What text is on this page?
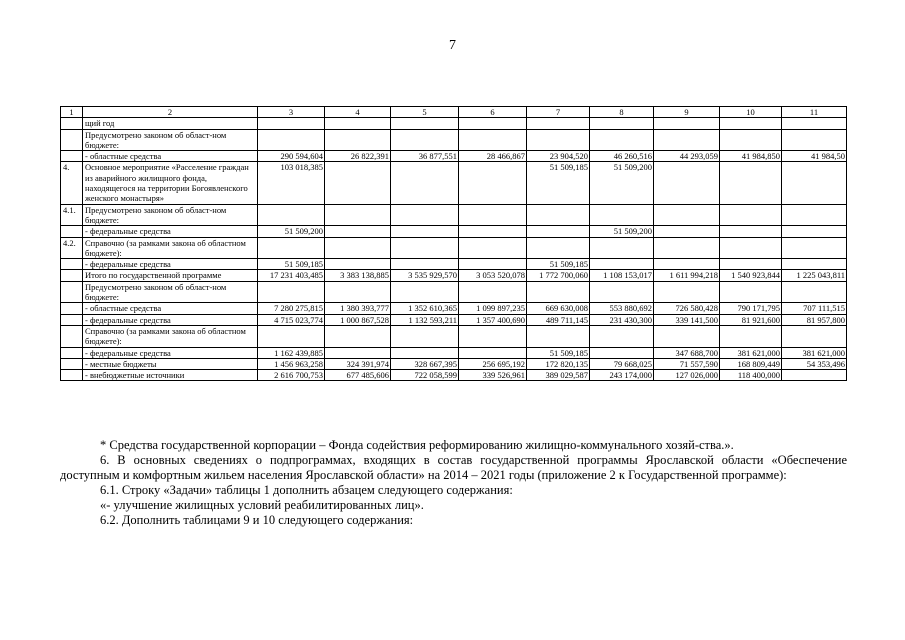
7
1	2	3	4	5	6	7	8	9	10	11
	щий год									
	Предусмотрено законом об област-ном бюджете:									
	- областные средства	290 594,604	26 822,391	36 877,551	28 466,867	23 904,520	46 260,516	44 293,059	41 984,850	41 984,50
4.	Основное мероприятие «Расселение граждан из аварийного жилищного фонда, находящегося на территории Богоявленского женского монастыря»	103 018,385				51 509,185	51 509,200			
4.1.	Предусмотрено законом об област-ном бюджете:									
	- федеральные средства	51 509,200					51 509,200			
4.2.	Справочно (за рамками закона об областном бюджете):									
	- федеральные средства	51 509,185				51 509,185				
	Итого по государственной программе	17 231 403,485	3 383 138,885	3 535 929,570	3 053 520,078	1 772 700,060	1 108 153,017	1 611 994,218	1 540 923,844	1 225 043,811
	Предусмотрено законом об област-ном бюджете:									
	- областные средства	7 280 275,815	1 380 393,777	1 352 610,365	1 099 897,235	669 630,008	553 880,692	726 580,428	790 171,795	707 111,515
	- федеральные средства	4 715 023,774	1 000 867,528	1 132 593,211	1 357 400,690	489 711,145	231 430,300	339 141,500	81 921,600	81 957,800
	Справочно (за рамками закона об областном бюджете):									
	- федеральные средства	1 162 439,885				51 509,185		347 688,700	381 621,000	381 621,000
	- местные бюджеты	1 456 963,258	324 391,974	328 667,395	256 695,192	172 820,135	79 668,025	71 557,590	168 809,449	54 353,496
	- внебюджетные источники	2 616 700,753	677 485,606	722 058,599	339 526,961	389 029,587	243 174,000	127 026,000	118 400,000	

* Средства государственной корпорации – Фонда содействия реформированию жилищно-коммунального хозяй-ства.».

6. В основных сведениях о подпрограммах, входящих в состав государственной программы Ярославской области «Обеспечение доступным и комфортным жильем населения Ярославской области» на 2014 – 2021 годы (приложение 2 к Государственной программе):

6.1. Строку «Задачи» таблицы 1 дополнить абзацем следующего содержания:

«- улучшение жилищных условий реабилитированных лиц».

6.2. Дополнить таблицами 9 и 10 следующего содержания:
